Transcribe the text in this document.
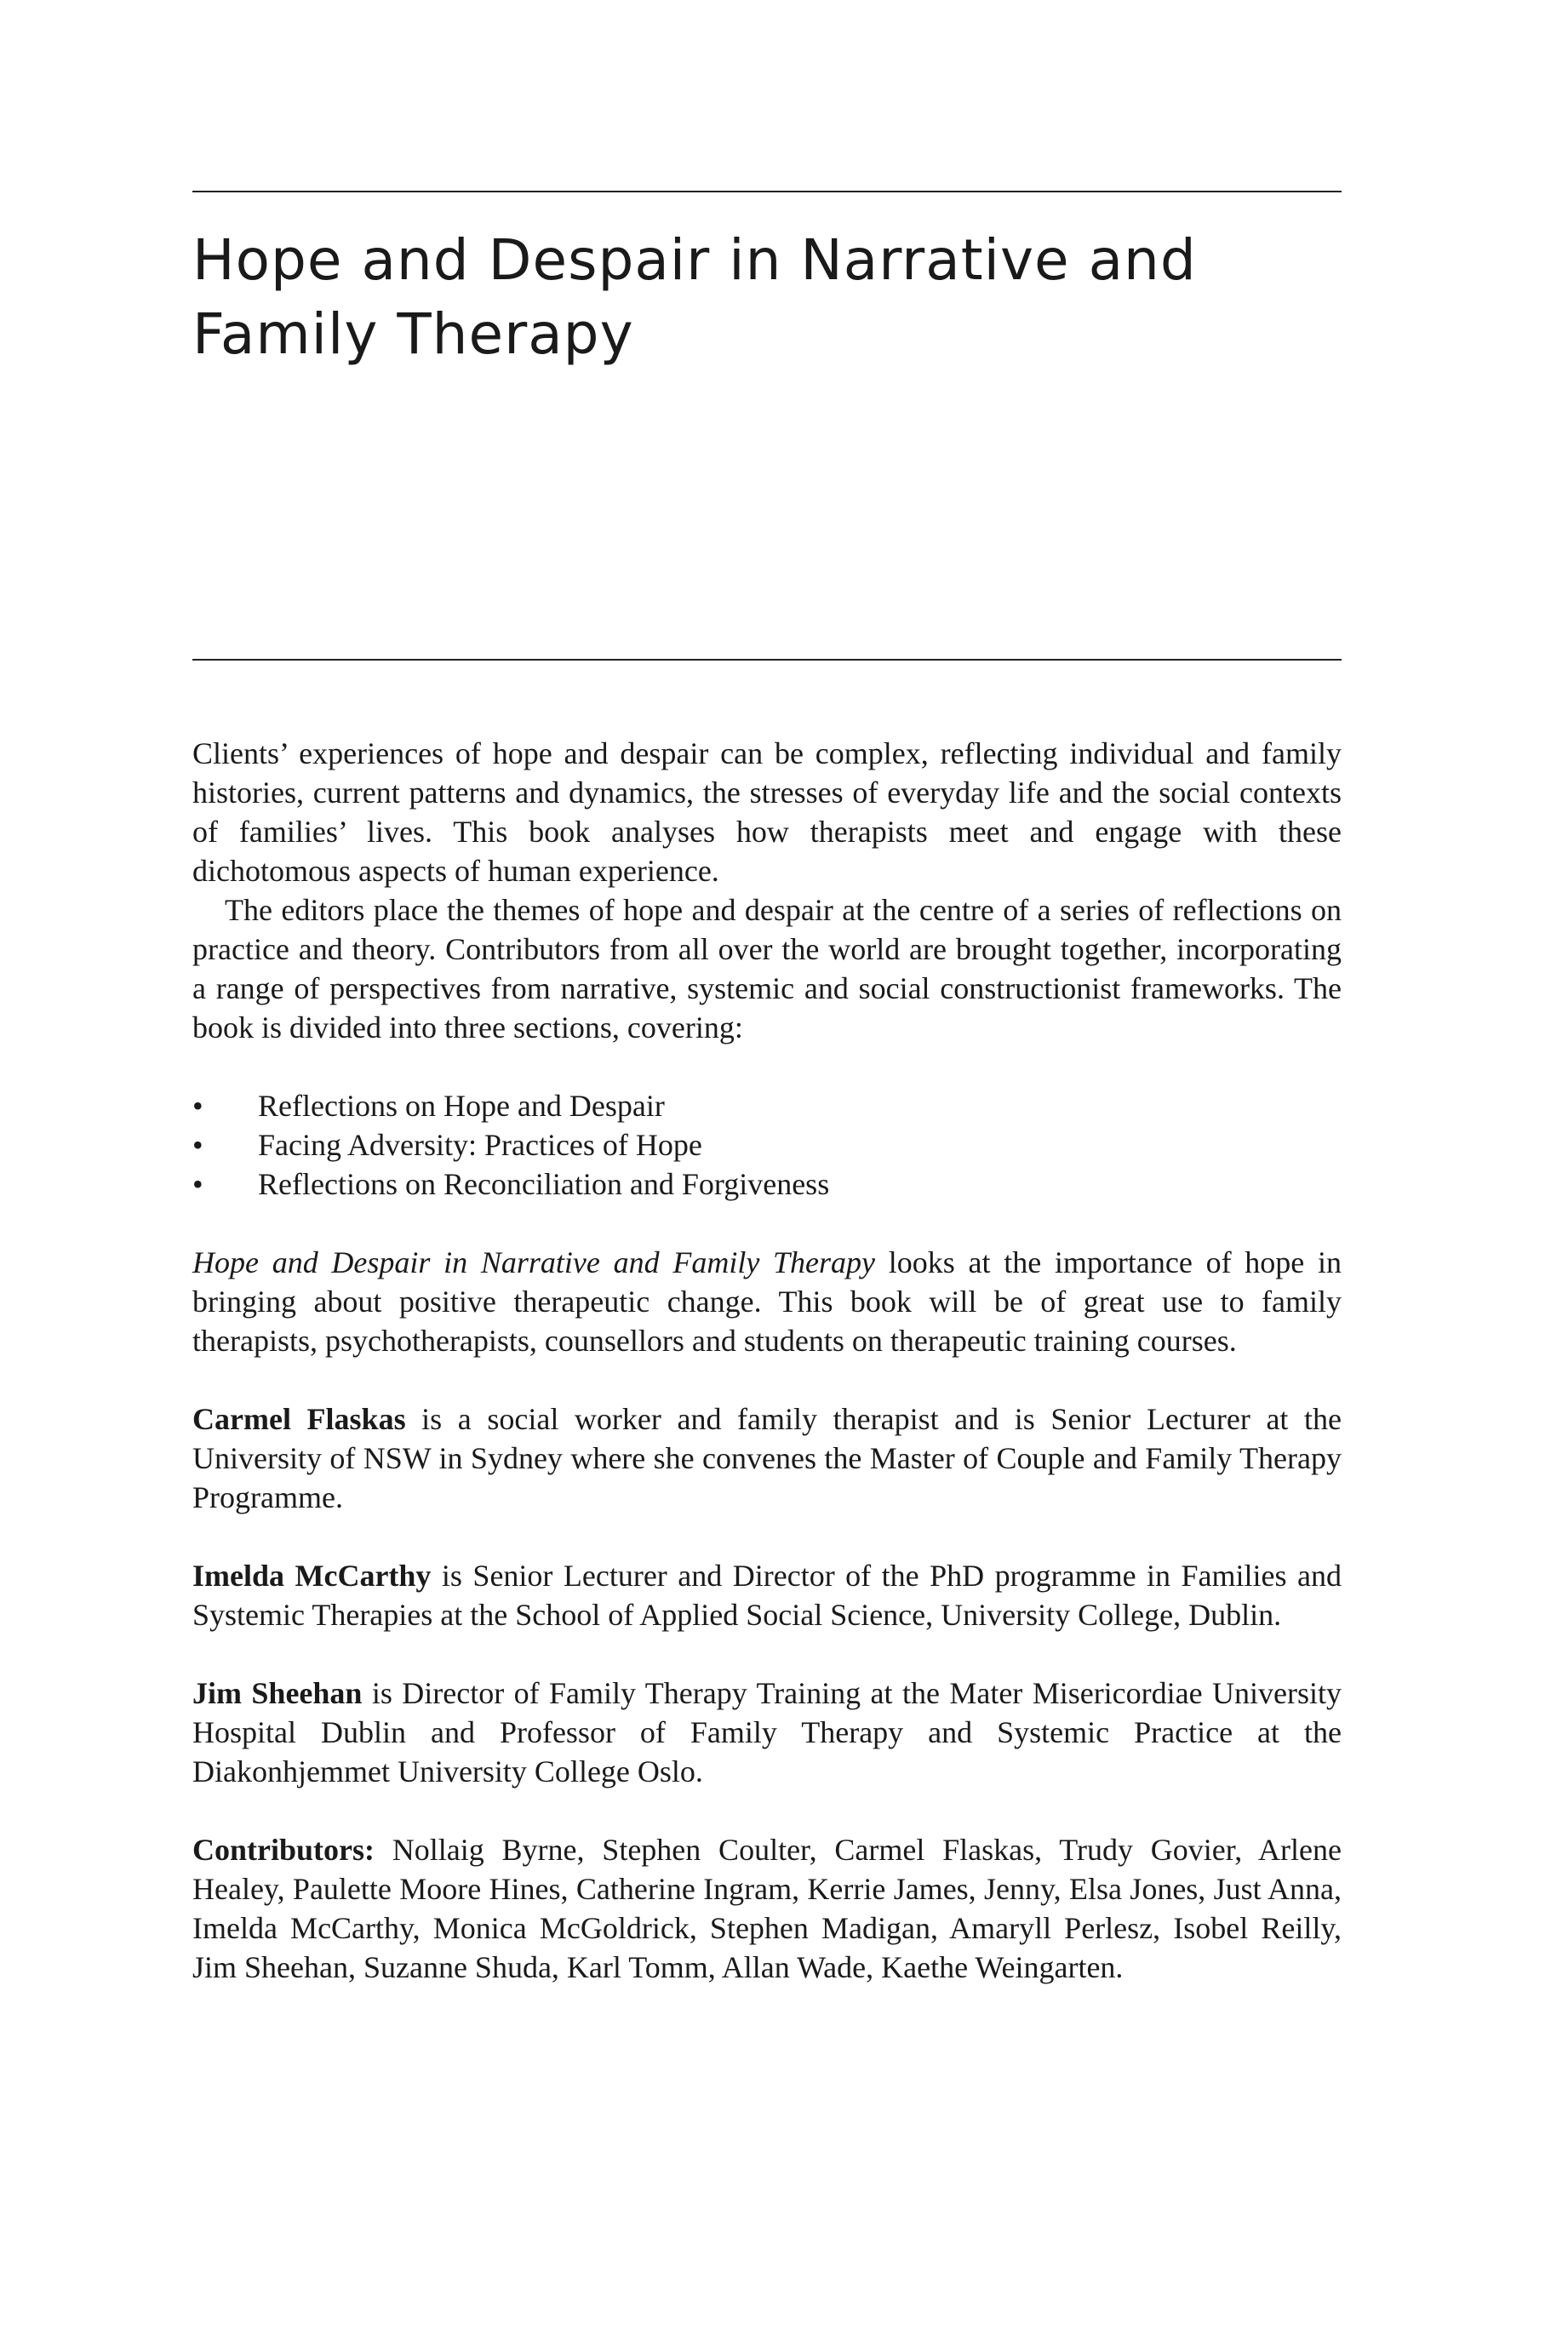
Hope and Despair in Narrative and
Family Therapy

Clients’ experiences of hope and despair can be complex, reflecting individual and family histories, current patterns and dynamics, the stresses of everyday life and the social contexts of families’ lives. This book analyses how therapists meet and engage with these dichotomous aspects of human experience.

The editors place the themes of hope and despair at the centre of a series of reflections on practice and theory. Contributors from all over the world are brought together, incorporating a range of perspectives from narrative, systemic and social constructionist frameworks. The book is divided into three sections, covering:

• Reflections on Hope and Despair
• Facing Adversity: Practices of Hope
• Reflections on Reconciliation and Forgiveness

Hope and Despair in Narrative and Family Therapy looks at the importance of hope in bringing about positive therapeutic change. This book will be of great use to family therapists, psychotherapists, counsellors and students on therapeutic training courses.

Carmel Flaskas is a social worker and family therapist and is Senior Lecturer at the University of NSW in Sydney where she convenes the Master of Couple and Family Therapy Programme.

Imelda McCarthy is Senior Lecturer and Director of the PhD programme in Families and Systemic Therapies at the School of Applied Social Science, University College, Dublin.

Jim Sheehan is Director of Family Therapy Training at the Mater Misericordiae University Hospital Dublin and Professor of Family Therapy and Systemic Practice at the Diakonhjemmet University College Oslo.

Contributors: Nollaig Byrne, Stephen Coulter, Carmel Flaskas, Trudy Govier, Arlene Healey, Paulette Moore Hines, Catherine Ingram, Kerrie James, Jenny, Elsa Jones, Just Anna, Imelda McCarthy, Monica McGoldrick, Stephen Madigan, Amaryll Perlesz, Isobel Reilly, Jim Sheehan, Suzanne Shuda, Karl Tomm, Allan Wade, Kaethe Weingarten.
